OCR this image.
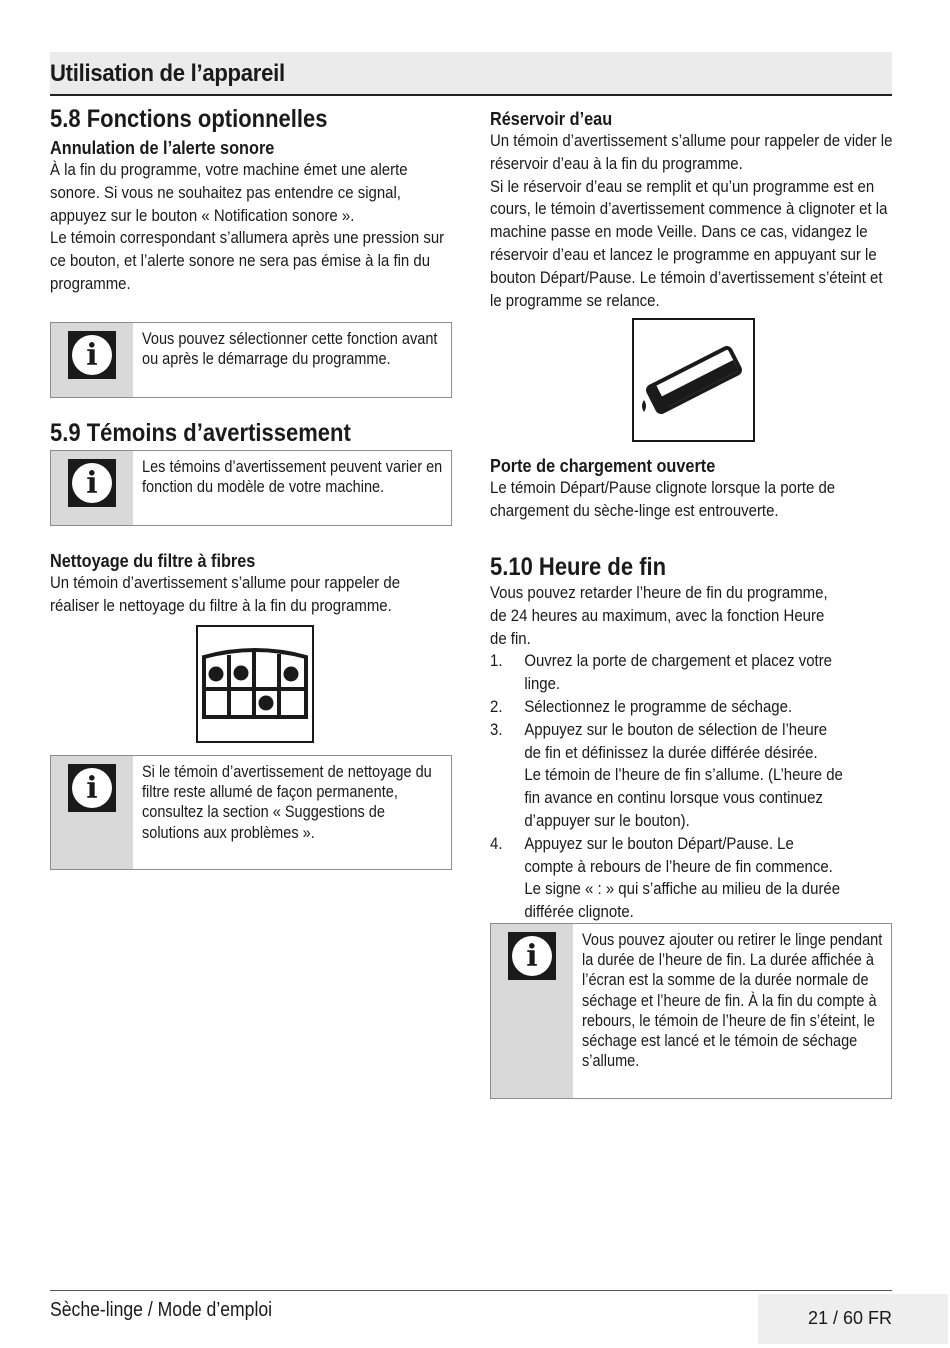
Utilisation de l’appareil
5.8 Fonctions optionnelles
Annulation de l’alerte sonore

À la fin du programme, votre machine émet une alerte sonore. Si vous ne souhaitez pas entendre ce signal, appuyez sur le bouton « Notification sonore ».

Le témoin correspondant s’allumera après une pression sur ce bouton, et l’alerte sonore ne sera pas émise à la fin du programme.

i	Vous pouvez sélectionner cette fonction avant ou après le démarrage du programme.
5.9 Témoins d’avertissement
i	Les témoins d’avertissement peuvent varier en fonction du modèle de votre machine.
Nettoyage du filtre à fibres

Un témoin d’avertissement s’allume pour rappeler de réaliser le nettoyage du filtre à la fin du programme.

i	Si le témoin d’avertissement de nettoyage du filtre reste allumé de façon permanente, consultez la section « Suggestions de solutions aux problèmes ».
Réservoir d’eau

Un témoin d’avertissement s’allume pour rappeler de vider le réservoir d’eau à la fin du programme.

Si le réservoir d’eau se remplit et qu’un programme est en cours, le témoin d’avertissement commence à clignoter et la machine passe en mode Veille. Dans ce cas, vidangez le réservoir d’eau et lancez le programme en appuyant sur le bouton Départ/Pause. Le témoin d’avertissement s’éteint et le programme se relance.

Porte de chargement ouverte

Le témoin Départ/Pause clignote lorsque la porte de chargement du sèche-linge est entrouverte.

5.10 Heure de fin

Vous pouvez retarder l’heure de fin du programme, de 24 heures au maximum, avec la fonction Heure de fin.

1. Ouvrez la porte de chargement et placez votre linge.
2. Sélectionnez le programme de séchage.
3. Appuyez sur le bouton de sélection de l’heure de fin et définissez la durée différée désirée.
Le témoin de l’heure de fin s’allume. (L’heure de fin avance en continu lorsque vous continuez d’appuyer sur le bouton).
4. Appuyez sur le bouton Départ/Pause. Le compte à rebours de l’heure de fin commence. Le signe « : » qui s’affiche au milieu de la durée différée clignote.
i	Vous pouvez ajouter ou retirer le linge pendant la durée de l’heure de fin. La durée affichée à l’écran est la somme de la durée normale de séchage et l’heure de fin. À la fin du compte à rebours, le témoin de l’heure de fin s’éteint, le séchage est lancé et le témoin de séchage s’allume.
Sèche-linge / Mode d’emploi	21 / 60 FR
